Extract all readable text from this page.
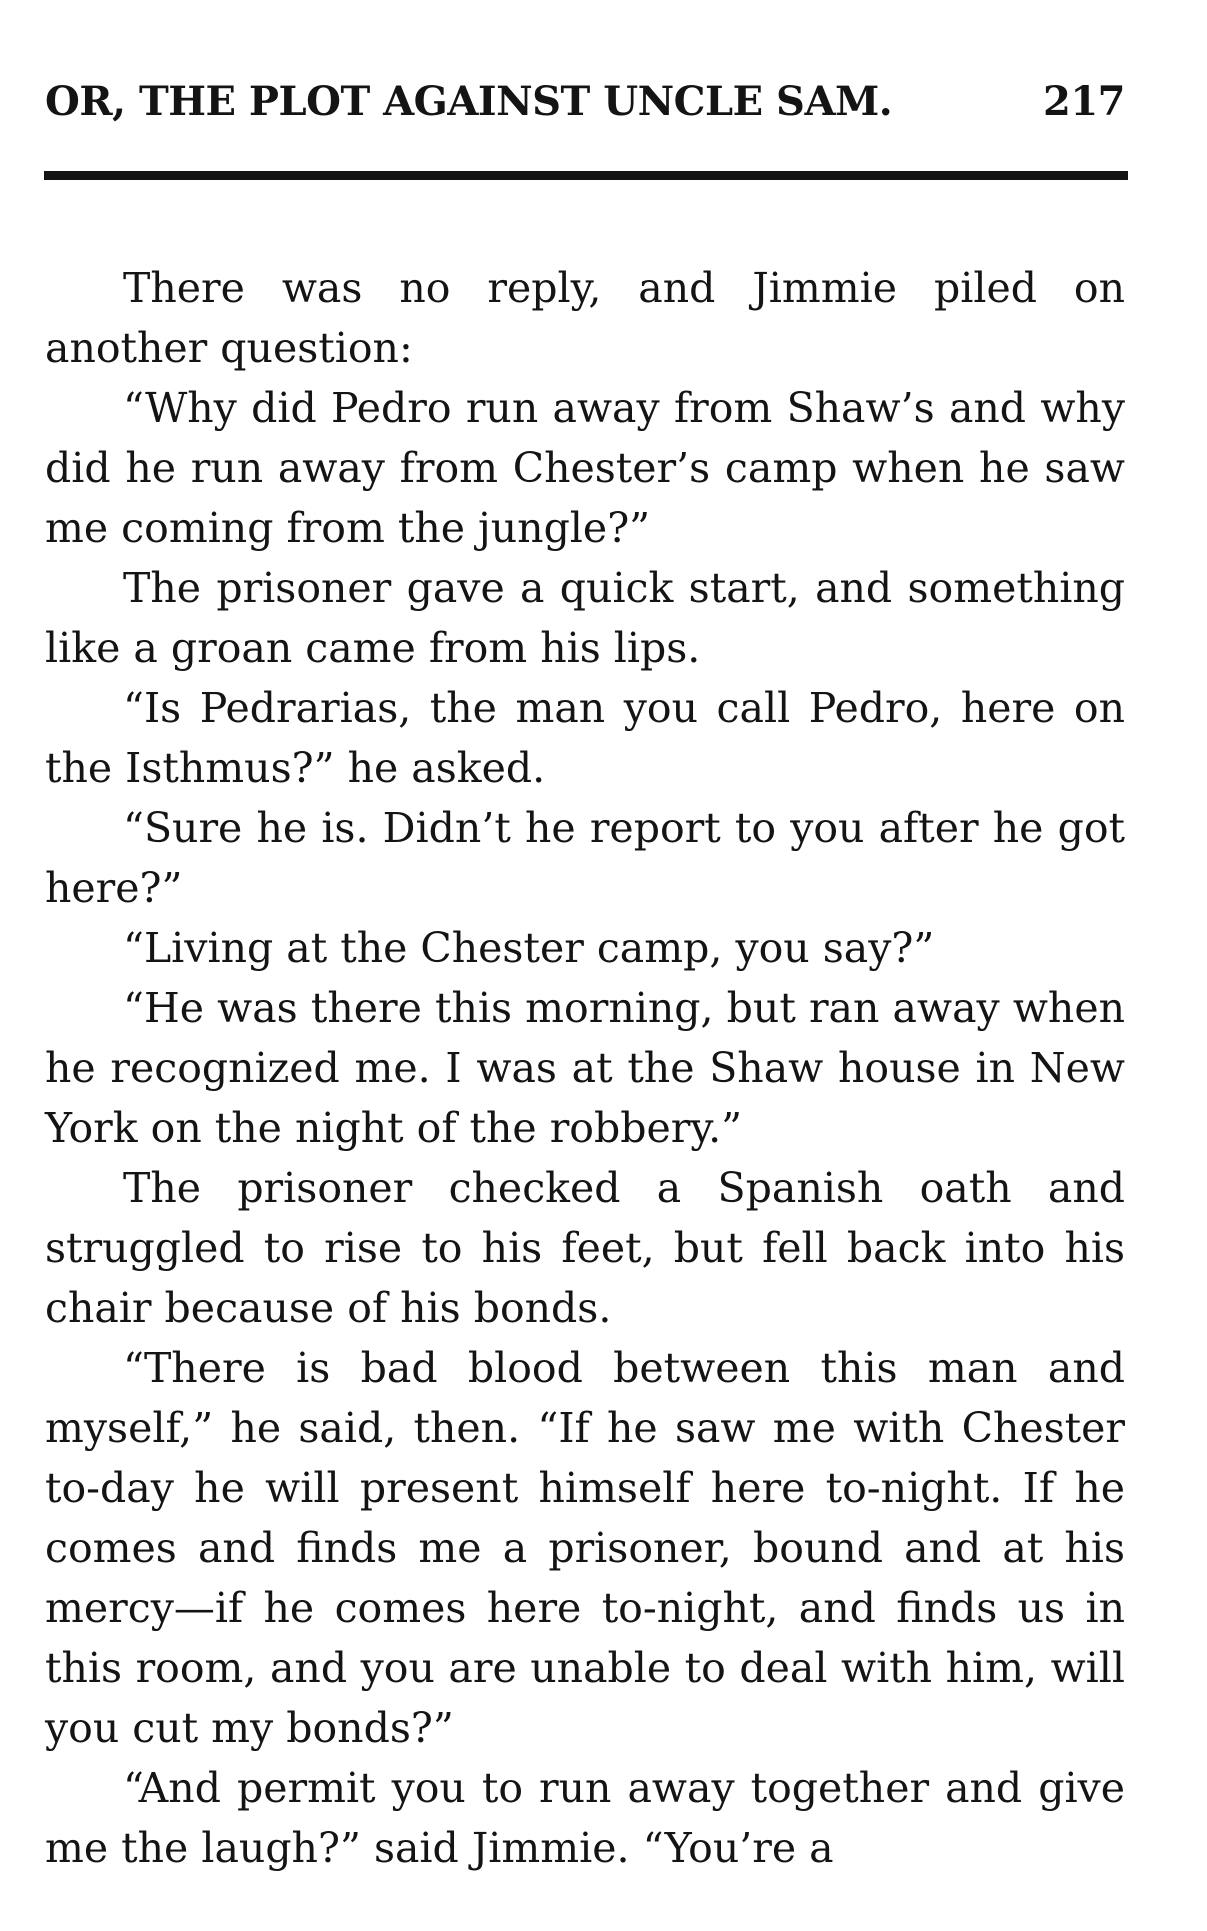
OR, THE PLOT AGAINST UNCLE SAM.	217

There was no reply, and Jimmie piled on another question:

“Why did Pedro run away from Shaw’s and why did he run away from Chester’s camp when he saw me coming from the jungle?”

The prisoner gave a quick start, and something like a groan came from his lips.

“Is Pedrarias, the man you call Pedro, here on the Isthmus?” he asked.

“Sure he is. Didn’t he report to you after he got here?”

“Living at the Chester camp, you say?”

“He was there this morning, but ran away when he recognized me. I was at the Shaw house in New York on the night of the robbery.”

The prisoner checked a Spanish oath and struggled to rise to his feet, but fell back into his chair because of his bonds.

“There is bad blood between this man and myself,” he said, then. “If he saw me with Chester to-day he will present himself here to-night. If he comes and finds me a prisoner, bound and at his mercy—if he comes here to-night, and finds us in this room, and you are unable to deal with him, will you cut my bonds?”

“And permit you to run away together and give me the laugh?” said Jimmie. “You’re a
